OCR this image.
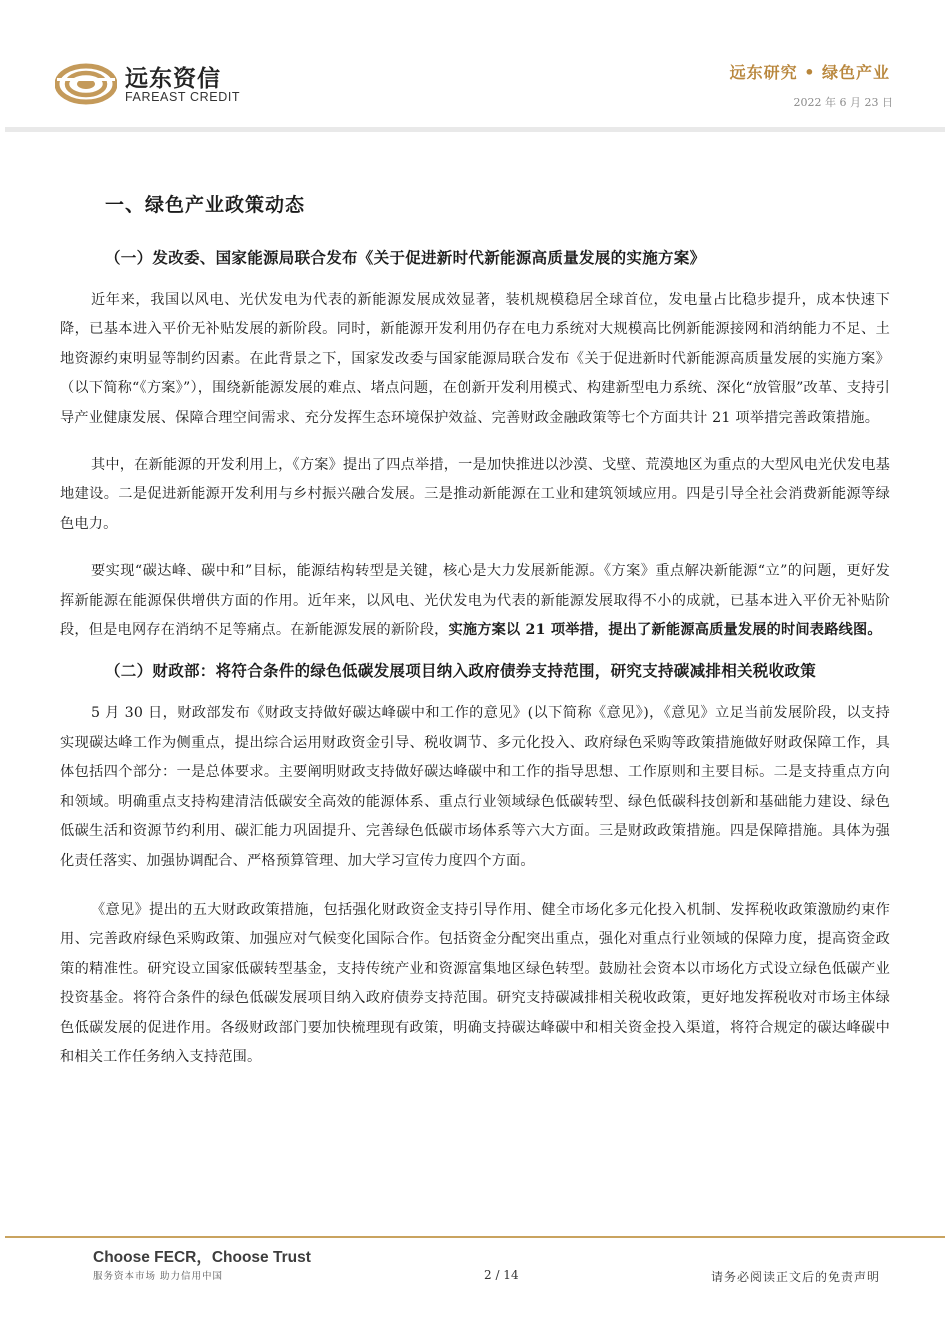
远东资信
FAREAST CREDIT
远东研究 • 绿色产业
2022 年 6 月 23 日
一、绿色产业政策动态
（一）发改委、国家能源局联合发布《关于促进新时代新能源高质量发展的实施方案》

近年来，我国以风电、光伏发电为代表的新能源发展成效显著，装机规模稳居全球首位，发电量占比稳步提升，成本快速下降，已基本进入平价无补贴发展的新阶段。同时，新能源开发利用仍存在电力系统对大规模高比例新能源接网和消纳能力不足、土地资源约束明显等制约因素。在此背景之下，国家发改委与国家能源局联合发布《关于促进新时代新能源高质量发展的实施方案》（以下简称“《方案》”），围绕新能源发展的难点、堵点问题，在创新开发利用模式、构建新型电力系统、深化“放管服”改革、支持引导产业健康发展、保障合理空间需求、充分发挥生态环境保护效益、完善财政金融政策等七个方面共计 21 项举措完善政策措施。

其中，在新能源的开发利用上，《方案》提出了四点举措，一是加快推进以沙漠、戈壁、荒漠地区为重点的大型风电光伏发电基地建设。二是促进新能源开发利用与乡村振兴融合发展。三是推动新能源在工业和建筑领域应用。四是引导全社会消费新能源等绿色电力。

要实现“碳达峰、碳中和”目标，能源结构转型是关键，核心是大力发展新能源。《方案》重点解决新能源“立”的问题，更好发挥新能源在能源保供增供方面的作用。近年来，以风电、光伏发电为代表的新能源发展取得不小的成就，已基本进入平价无补贴阶段，但是电网存在消纳不足等痛点。在新能源发展的新阶段，实施方案以 21 项举措，提出了新能源高质量发展的时间表路线图。

（二）财政部：将符合条件的绿色低碳发展项目纳入政府债券支持范围，研究支持碳减排相关税收政策

5 月 30 日，财政部发布《财政支持做好碳达峰碳中和工作的意见》(以下简称《意见》)，《意见》立足当前发展阶段，以支持实现碳达峰工作为侧重点，提出综合运用财政资金引导、税收调节、多元化投入、政府绿色采购等政策措施做好财政保障工作，具体包括四个部分：一是总体要求。主要阐明财政支持做好碳达峰碳中和工作的指导思想、工作原则和主要目标。二是支持重点方向和领域。明确重点支持构建清洁低碳安全高效的能源体系、重点行业领域绿色低碳转型、绿色低碳科技创新和基础能力建设、绿色低碳生活和资源节约利用、碳汇能力巩固提升、完善绿色低碳市场体系等六大方面。三是财政政策措施。四是保障措施。具体为强化责任落实、加强协调配合、严格预算管理、加大学习宣传力度四个方面。

《意见》提出的五大财政政策措施，包括强化财政资金支持引导作用、健全市场化多元化投入机制、发挥税收政策激励约束作用、完善政府绿色采购政策、加强应对气候变化国际合作。包括资金分配突出重点，强化对重点行业领域的保障力度，提高资金政策的精准性。研究设立国家低碳转型基金，支持传统产业和资源富集地区绿色转型。鼓励社会资本以市场化方式设立绿色低碳产业投资基金。将符合条件的绿色低碳发展项目纳入政府债券支持范围。研究支持碳减排相关税收政策，更好地发挥税收对市场主体绿色低碳发展的促进作用。各级财政部门要加快梳理现有政策，明确支持碳达峰碳中和相关资金投入渠道，将符合规定的碳达峰碳中和相关工作任务纳入支持范围。

Choose FECR，Choose Trust
服务资本市场 助力信用中国	2 / 14	请务必阅读正文后的免责声明
